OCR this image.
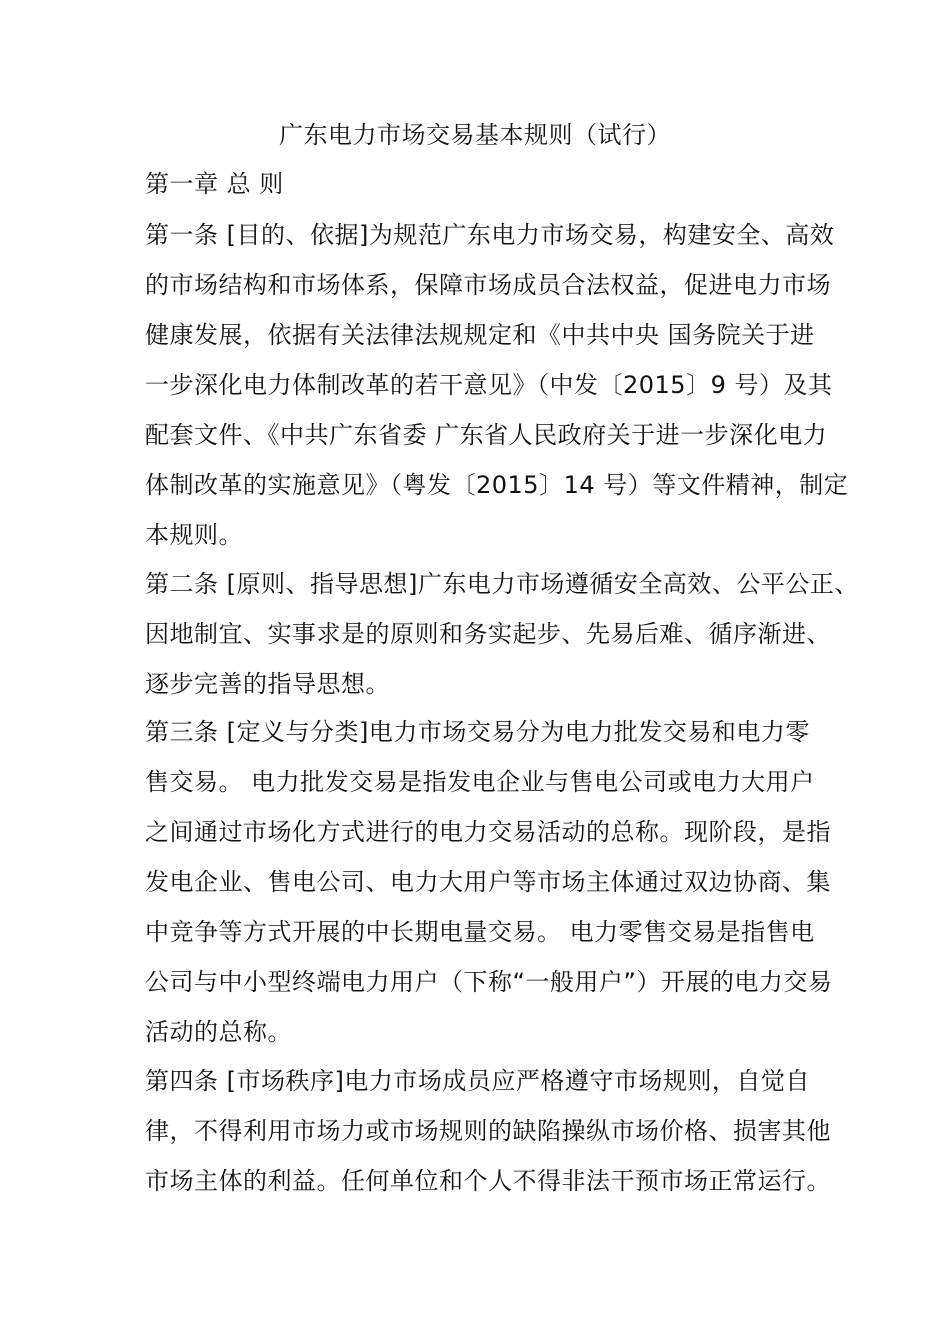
广东电力市场交易基本规则（试行）
第一章 总 则
第一条 [目的、依据]为规范广东电力市场交易，构建安全、高效
的市场结构和市场体系，保障市场成员合法权益，促进电力市场
健康发展，依据有关法律法规规定和《中共中央 国务院关于进
一步深化电力体制改革的若干意见》（中发〔2015〕9 号）及其
配套文件、《中共广东省委 广东省人民政府关于进一步深化电力
体制改革的实施意见》（粤发〔2015〕14 号）等文件精神，制定
本规则。
第二条 [原则、指导思想]广东电力市场遵循安全高效、公平公正、
因地制宜、实事求是的原则和务实起步、先易后难、循序渐进、
逐步完善的指导思想。
第三条 [定义与分类]电力市场交易分为电力批发交易和电力零
售交易。 电力批发交易是指发电企业与售电公司或电力大用户
之间通过市场化方式进行的电力交易活动的总称。现阶段，是指
发电企业、售电公司、电力大用户等市场主体通过双边协商、集
中竞争等方式开展的中长期电量交易。 电力零售交易是指售电
公司与中小型终端电力用户（下称“一般用户”）开展的电力交易
活动的总称。
第四条 [市场秩序]电力市场成员应严格遵守市场规则，自觉自
律，不得利用市场力或市场规则的缺陷操纵市场价格、损害其他
市场主体的利益。任何单位和个人不得非法干预市场正常运行。
